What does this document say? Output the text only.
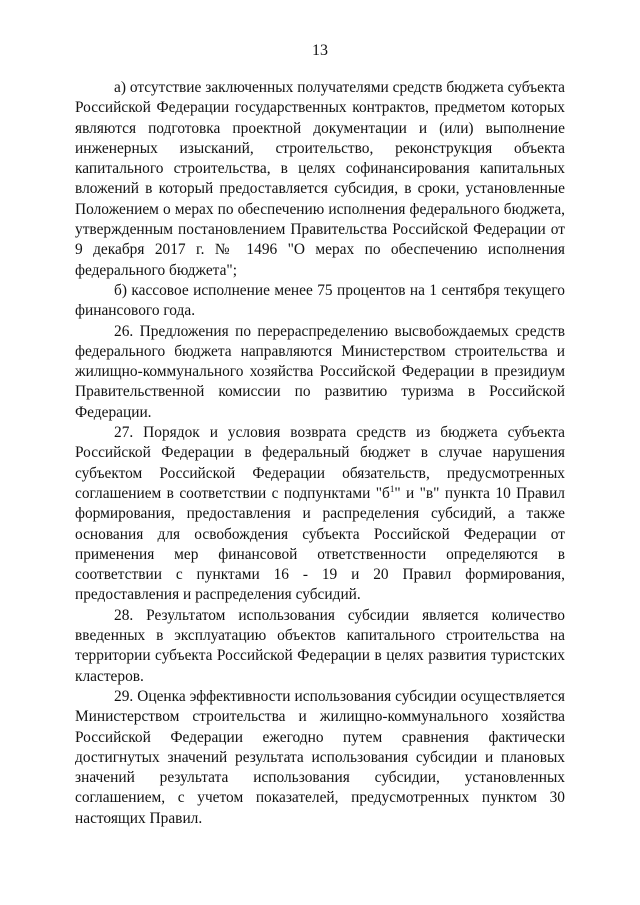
13

а) отсутствие заключенных получателями средств бюджета субъекта Российской Федерации государственных контрактов, предметом которых являются подготовка проектной документации и (или) выполнение инженерных изысканий, строительство, реконструкция объекта капитального строительства, в целях софинансирования капитальных вложений в который предоставляется субсидия, в сроки, установленные Положением о мерах по обеспечению исполнения федерального бюджета, утвержденным постановлением Правительства Российской Федерации от 9 декабря 2017 г. № 1496 "О мерах по обеспечению исполнения федерального бюджета";

б) кассовое исполнение менее 75 процентов на 1 сентября текущего финансового года.

26. Предложения по перераспределению высвобождаемых средств федерального бюджета направляются Министерством строительства и жилищно-коммунального хозяйства Российской Федерации в президиум Правительственной комиссии по развитию туризма в Российской Федерации.

27. Порядок и условия возврата средств из бюджета субъекта Российской Федерации в федеральный бюджет в случае нарушения субъектом Российской Федерации обязательств, предусмотренных соглашением в соответствии с подпунктами "$б^1$" и "в" пункта 10 Правил формирования, предоставления и распределения субсидий, а также основания для освобождения субъекта Российской Федерации от применения мер финансовой ответственности определяются в соответствии с пунктами 16 - 19 и 20 Правил формирования, предоставления и распределения субсидий.

28. Результатом использования субсидии является количество введенных в эксплуатацию объектов капитального строительства на территории субъекта Российской Федерации в целях развития туристских кластеров.

29. Оценка эффективности использования субсидии осуществляется Министерством строительства и жилищно-коммунального хозяйства Российской Федерации ежегодно путем сравнения фактически достигнутых значений результата использования субсидии и плановых значений результата использования субсидии, установленных соглашением, с учетом показателей, предусмотренных пунктом 30 настоящих Правил.
